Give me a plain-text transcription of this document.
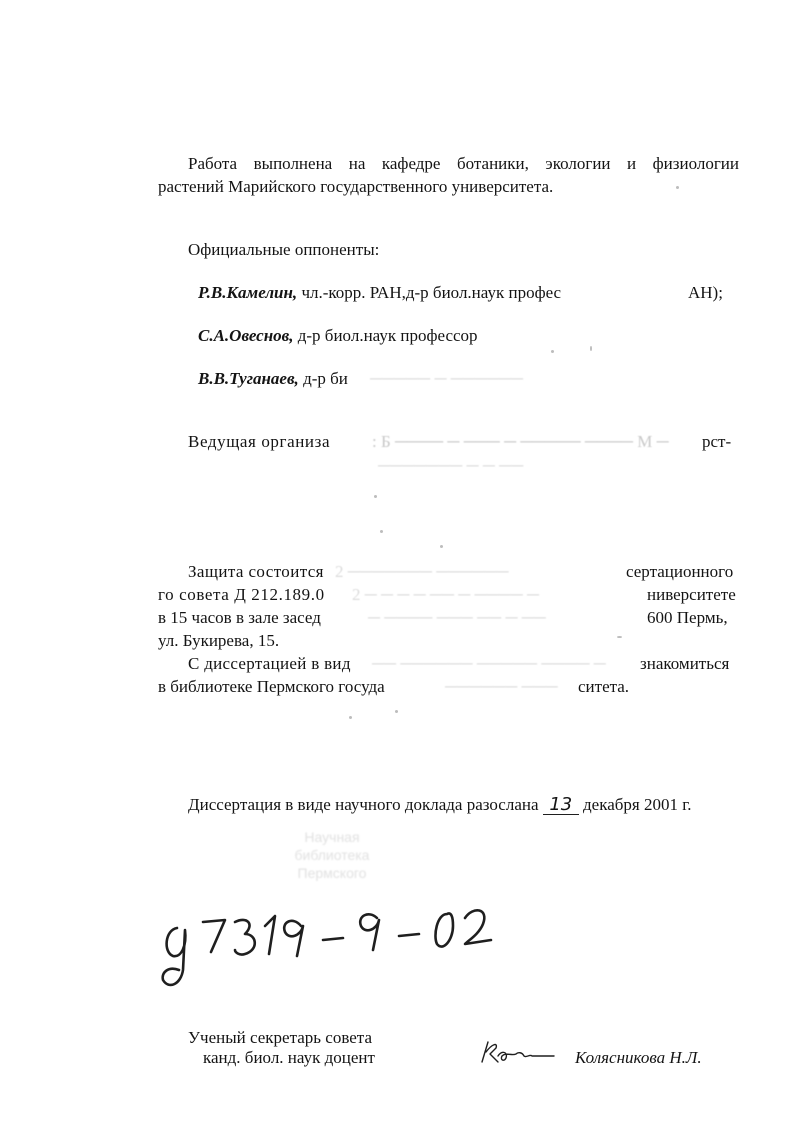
Работа выполнена на кафедре ботаники, экологии и физиологии
растений Марийского государственного университета.
Официальные оппоненты:
Р.В.Камелин, чл.-корр. РАН,д-р биол.наук профес
	АН);
С.А.Овеснов, д-р биол.наук профессор
В.В.Туганаев, д-р би ───── ─ ──────
Ведущая организа : Б ──── ─ ─── ─ ───── ──── М ─ рст-
─────── ─ ─ ──
Защита состоится 2 ─────── ──────	сертационного
го совета Д 212.189.0 2 ─ ─ ─ ─ ── ─ ──── ─	ниверситете
в 15 часов в зале засед	─ ──── ─── ── ─ ──	600 Пермь,
ул. Букирева, 15.
С диссертацией в вид ── ────── ───── ──── ─ знакомиться
в библиотеке Пермского госуда	────── ─── ситета.
Диссертация в виде научного доклада разослана 13 декабря 2001 г.
Научная
библиотека
Пермского
Ученый секретарь совета
канд. биол. наук доцент	Колясникова Н.Л.
